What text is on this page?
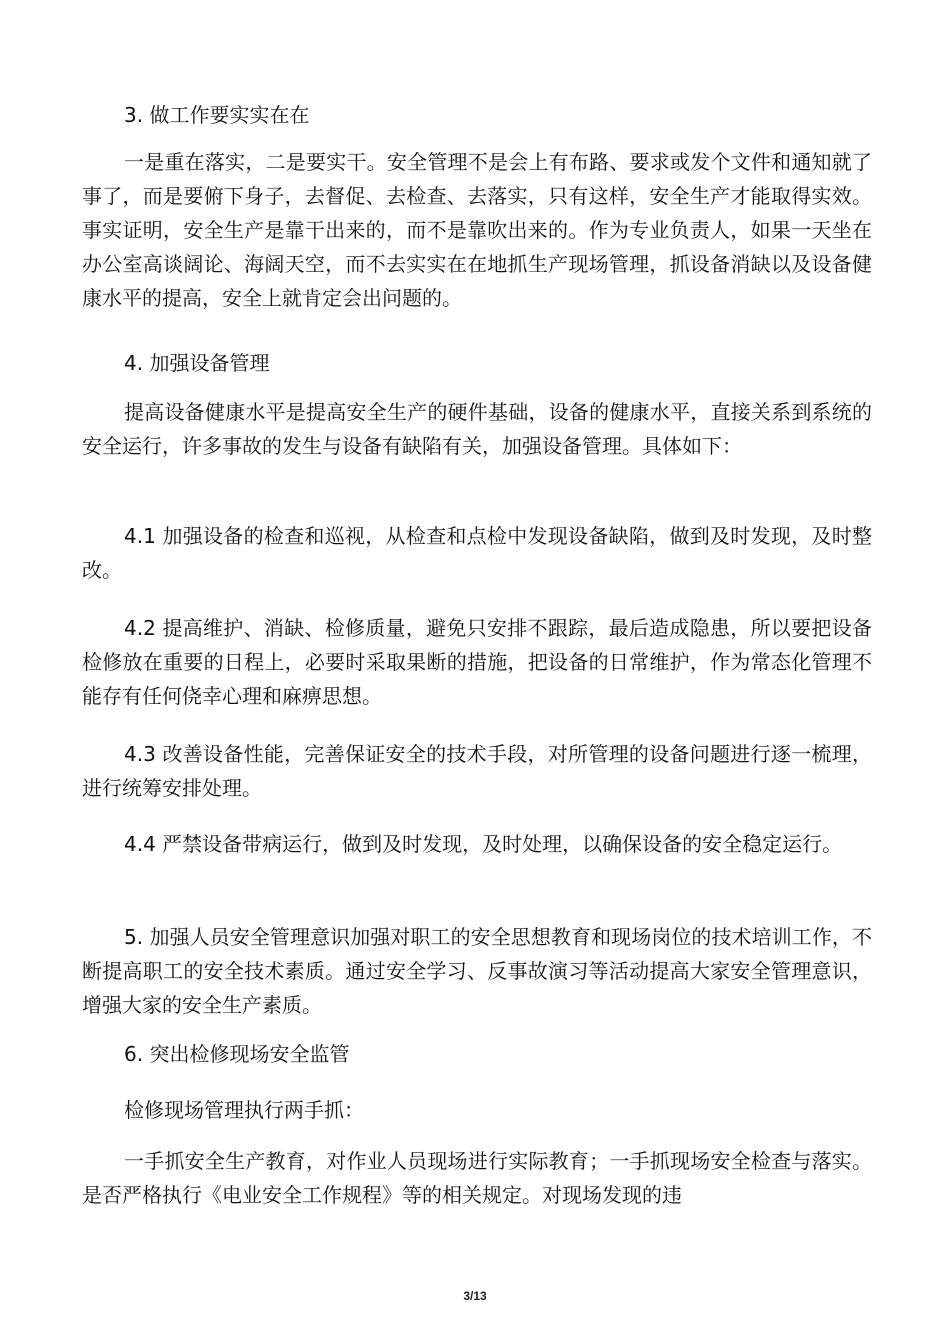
3. 做工作要实实在在

一是重在落实，二是要实干。安全管理不是会上有布路、要求或发个文件和通知就了事了，而是要俯下身子，去督促、去检查、去落实，只有这样，安全生产才能取得实效。事实证明，安全生产是靠干出来的，而不是靠吹出来的。作为专业负责人，如果一天坐在办公室高谈阔论、海阔天空，而不去实实在在地抓生产现场管理，抓设备消缺以及设备健康水平的提高，安全上就肯定会出问题的。

4. 加强设备管理

提高设备健康水平是提高安全生产的硬件基础，设备的健康水平，直接关系到系统的安全运行，许多事故的发生与设备有缺陷有关，加强设备管理。具体如下：

4.1 加强设备的检查和巡视，从检查和点检中发现设备缺陷，做到及时发现，及时整改。

4.2 提高维护、消缺、检修质量，避免只安排不跟踪，最后造成隐患，所以要把设备检修放在重要的日程上，必要时采取果断的措施，把设备的日常维护，作为常态化管理不能存有任何侥幸心理和麻痹思想。

4.3 改善设备性能，完善保证安全的技术手段，对所管理的设备问题进行逐一梳理，进行统筹安排处理。

4.4 严禁设备带病运行，做到及时发现，及时处理，以确保设备的安全稳定运行。

5. 加强人员安全管理意识加强对职工的安全思想教育和现场岗位的技术培训工作，不断提高职工的安全技术素质。通过安全学习、反事故演习等活动提高大家安全管理意识，增强大家的安全生产素质。

6. 突出检修现场安全监管

检修现场管理执行两手抓：

一手抓安全生产教育，对作业人员现场进行实际教育；一手抓现场安全检查与落实。是否严格执行《电业安全工作规程》等的相关规定。对现场发现的违

3/13
